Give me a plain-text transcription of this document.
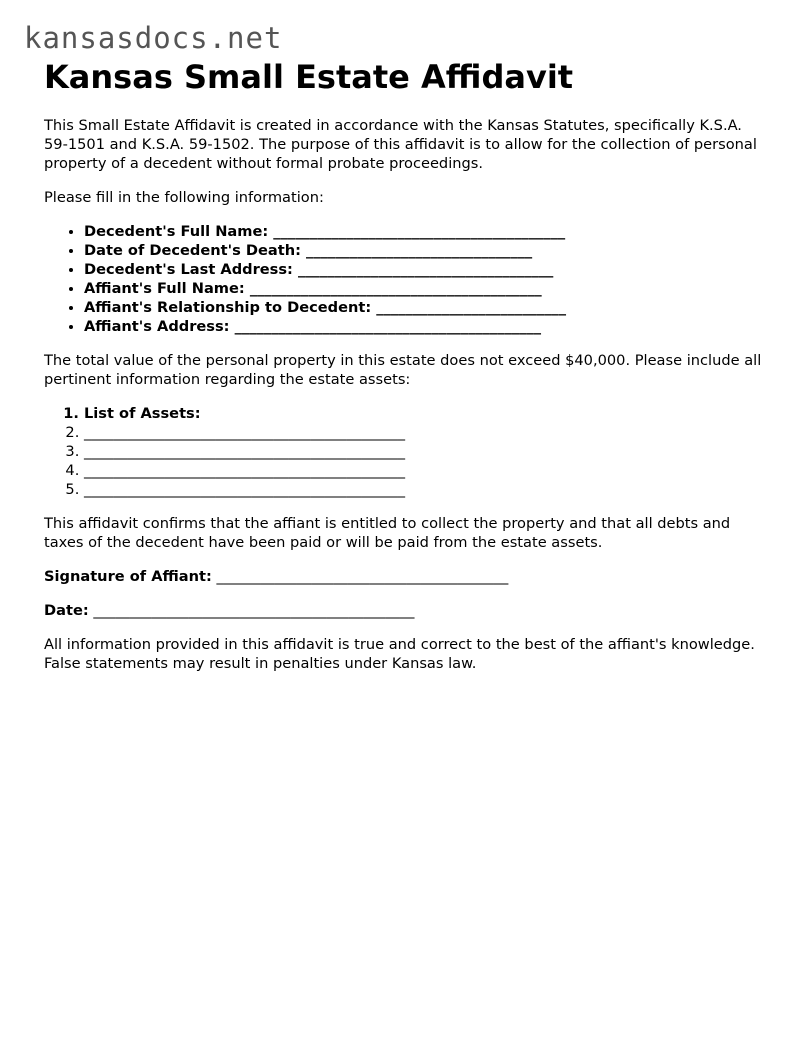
kansasdocs.net
Kansas Small Estate Affidavit

This Small Estate Affidavit is created in accordance with the Kansas Statutes, specifically K.S.A. 59-1501 and K.S.A. 59-1502. The purpose of this affidavit is to allow for the collection of personal property of a decedent without formal probate proceedings.

Please fill in the following information:

• Decedent's Full Name: ________________________________________
• Date of Decedent's Death: _______________________________
• Decedent's Last Address: ___________________________________
• Affiant's Full Name: ________________________________________
• Affiant's Relationship to Decedent: __________________________
• Affiant's Address: __________________________________________

The total value of the personal property in this estate does not exceed $40,000. Please include all pertinent information regarding the estate assets:

1. List of Assets:
2. ____________________________________________
3. ____________________________________________
4. ____________________________________________
5. ____________________________________________

This affidavit confirms that the affiant is entitled to collect the property and that all debts and taxes of the decedent have been paid or will be paid from the estate assets.

Signature of Affiant: ________________________________________

Date: ____________________________________________

All information provided in this affidavit is true and correct to the best of the affiant's knowledge. False statements may result in penalties under Kansas law.
